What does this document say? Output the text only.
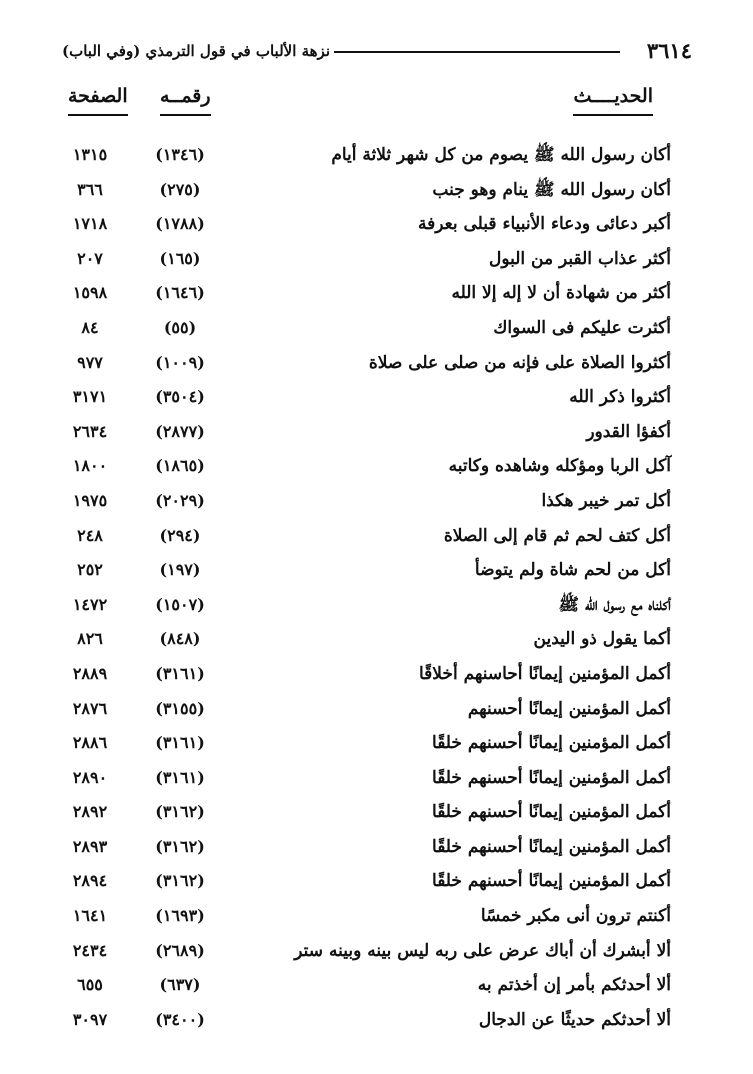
٣٦١٤
نزهة الألباب في قول الترمذي (وفي الباب)
الحديــــث
رقمــه
الصفحة
أكان رسول الله ﷺ يصوم من كل شهر ثلاثة أيام
(١٣٤٦)
١٣١٥
أكان رسول الله ﷺ ينام وهو جنب
(٢٧٥)
٣٦٦
أكبر دعائى ودعاء الأنبياء قبلى بعرفة
(١٧٨٨)
١٧١٨
أكثر عذاب القبر من البول
(١٦٥)
٢٠٧
أكثر من شهادة أن لا إله إلا الله
(١٦٤٦)
١٥٩٨
أكثرت عليكم فى السواك
(٥٥)
٨٤
أكثروا الصلاة على فإنه من صلى على صلاة
(١٠٠٩)
٩٧٧
أكثروا ذكر الله
(٣٥٠٤)
٣١٧١
أكفؤا القدور
(٢٨٧٧)
٢٦٣٤
آكل الربا ومؤكله وشاهده وكاتبه
(١٨٦٥)
١٨٠٠
أكل تمر خيبر هكذا
(٢٠٢٩)
١٩٧٥
أكل كتف لحم ثم قام إلى الصلاة
(٢٩٤)
٢٤٨
أكل من لحم شاة ولم يتوضأ
(١٩٧)
٢٥٢
أكلناه مع رسول الله ﷺ
(١٥٠٧)
١٤٧٢
أكما يقول ذو اليدين
(٨٤٨)
٨٢٦
أكمل المؤمنين إيمانًا أحاسنهم أخلاقًا
(٣١٦١)
٢٨٨٩
أكمل المؤمنين إيمانًا أحسنهم
(٣١٥٥)
٢٨٧٦
أكمل المؤمنين إيمانًا أحسنهم خلقًا
(٣١٦١)
٢٨٨٦
أكمل المؤمنين إيمانًا أحسنهم خلقًا
(٣١٦١)
٢٨٩٠
أكمل المؤمنين إيمانًا أحسنهم خلقًا
(٣١٦٢)
٢٨٩٢
أكمل المؤمنين إيمانًا أحسنهم خلقًا
(٣١٦٢)
٢٨٩٣
أكمل المؤمنين إيمانًا أحسنهم خلقًا
(٣١٦٢)
٢٨٩٤
أكنتم ترون أنى مكبر خمسًا
(١٦٩٣)
١٦٤١
ألا أبشرك أن أباك عرض على ربه ليس بينه وبينه ستر
(٢٦٨٩)
٢٤٣٤
ألا أحدثكم بأمر إن أخذتم به
(٦٣٧)
٦٥٥
ألا أحدثكم حديثًا عن الدجال
(٣٤٠٠)
٣٠٩٧
